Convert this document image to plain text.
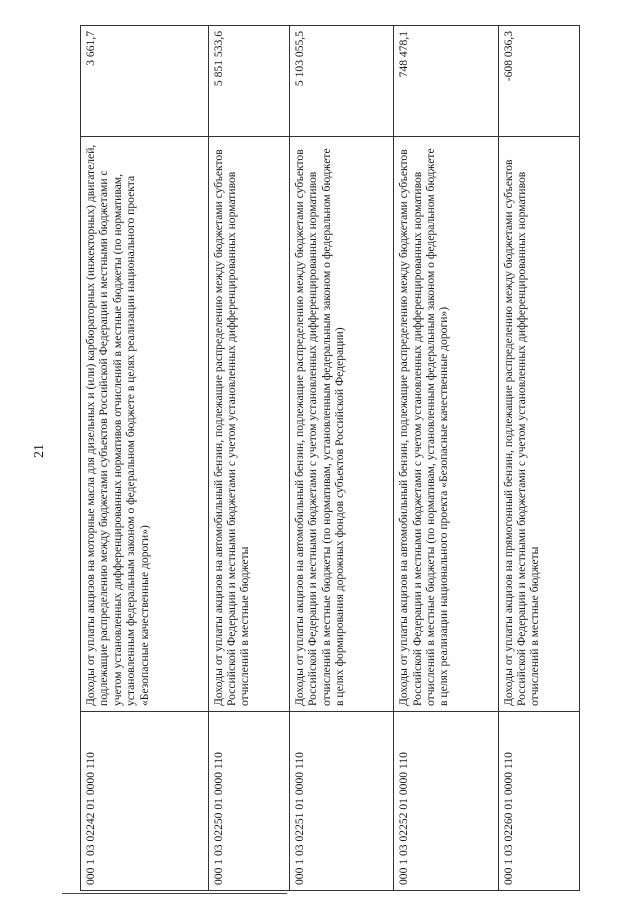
21
000 1 03 02242 01 0000 110	Доходы от уплаты акцизов на моторные масла для дизельных и (или) карбюраторных (инжекторных) двигателей, подлежащие распределению между бюджетами субъектов Российской Федерации и местными бюджетами с учетом установленных дифференцированных нормативов отчислений в местные бюджеты (по нормативам, установленным федеральным законом о федеральном бюджете в целях реализации национального проекта «Безопасные качественные дороги»)	3 661,7
000 1 03 02250 01 0000 110	Доходы от уплаты акцизов на автомобильный бензин, подлежащие распределению между бюджетами субъектов Российской Федерации и местными бюджетами с учетом установленных дифференцированных нормативов отчислений в местные бюджеты	5 851 533,6
000 1 03 02251 01 0000 110	Доходы от уплаты акцизов на автомобильный бензин, подлежащие распределению между бюджетами субъектов Российской Федерации и местными бюджетами с учетом установленных дифференцированных нормативов отчислений в местные бюджеты (по нормативам, установленным федеральным законом о федеральном бюджете в целях формирования дорожных фондов субъектов Российской Федерации)	5 103 055,5
000 1 03 02252 01 0000 110	Доходы от уплаты акцизов на автомобильный бензин, подлежащие распределению между бюджетами субъектов Российской Федерации и местными бюджетами с учетом установленных дифференцированных нормативов отчислений в местные бюджеты (по нормативам, установленным федеральным законом о федеральном бюджете в целях реализации национального проекта «Безопасные качественные дороги»)	748 478,1
000 1 03 02260 01 0000 110	Доходы от уплаты акцизов на прямогонный бензин, подлежащие распределению между бюджетами субъектов Российской Федерации и местными бюджетами с учетом установленных дифференцированных нормативов отчислений в местные бюджеты	-608 036,3
